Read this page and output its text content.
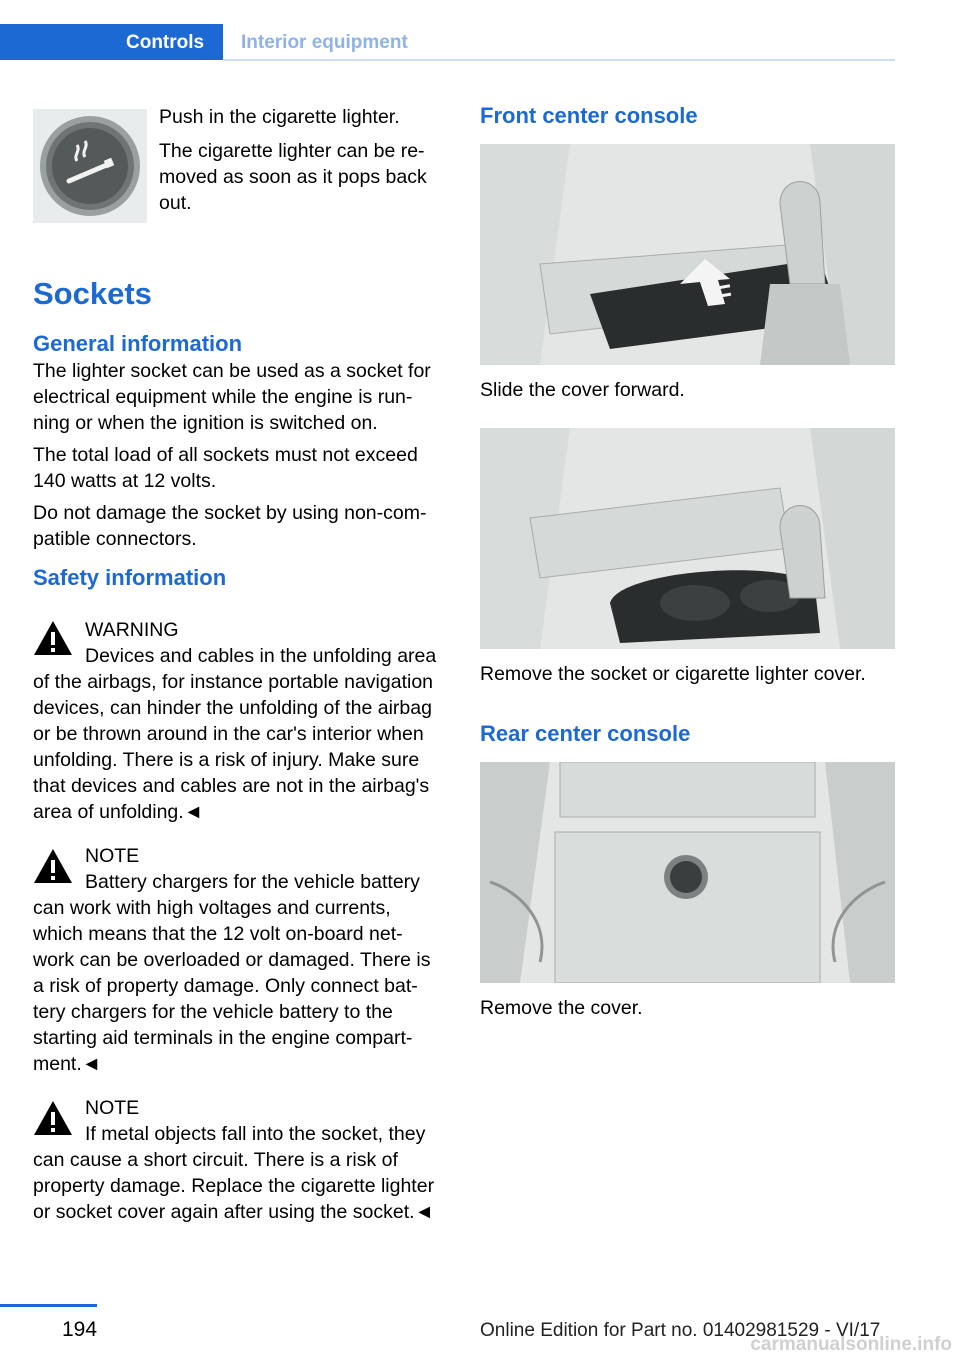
Controls	Interior equipment

Push in the cigarette lighter.

The cigarette lighter can be re-moved as soon as it pops back out.

Sockets
General information

The lighter socket can be used as a socket for electrical equipment while the engine is run-ning or when the ignition is switched on.

The total load of all sockets must not exceed 140 watts at 12 volts.

Do not damage the socket by using non-com-patible connectors.

Safety information

WARNING

Devices and cables in the unfolding area of the airbags, for instance portable navigation devices, can hinder the unfolding of the airbag or be thrown around in the car's interior when unfolding. There is a risk of injury. Make sure that devices and cables are not in the airbag's area of unfolding.◄

NOTE

Battery chargers for the vehicle battery can work with high voltages and currents, which means that the 12 volt on-board net-work can be overloaded or damaged. There is a risk of property damage. Only connect bat-tery chargers for the vehicle battery to the starting aid terminals in the engine compart-ment.◄

NOTE

If metal objects fall into the socket, they can cause a short circuit. There is a risk of property damage. Replace the cigarette lighter or socket cover again after using the socket.◄

Front center console

Slide the cover forward.

Remove the socket or cigarette lighter cover.

Rear center console

Remove the cover.

194	Online Edition for Part no. 01402981529 - VI/17
carmanualsonline.info
